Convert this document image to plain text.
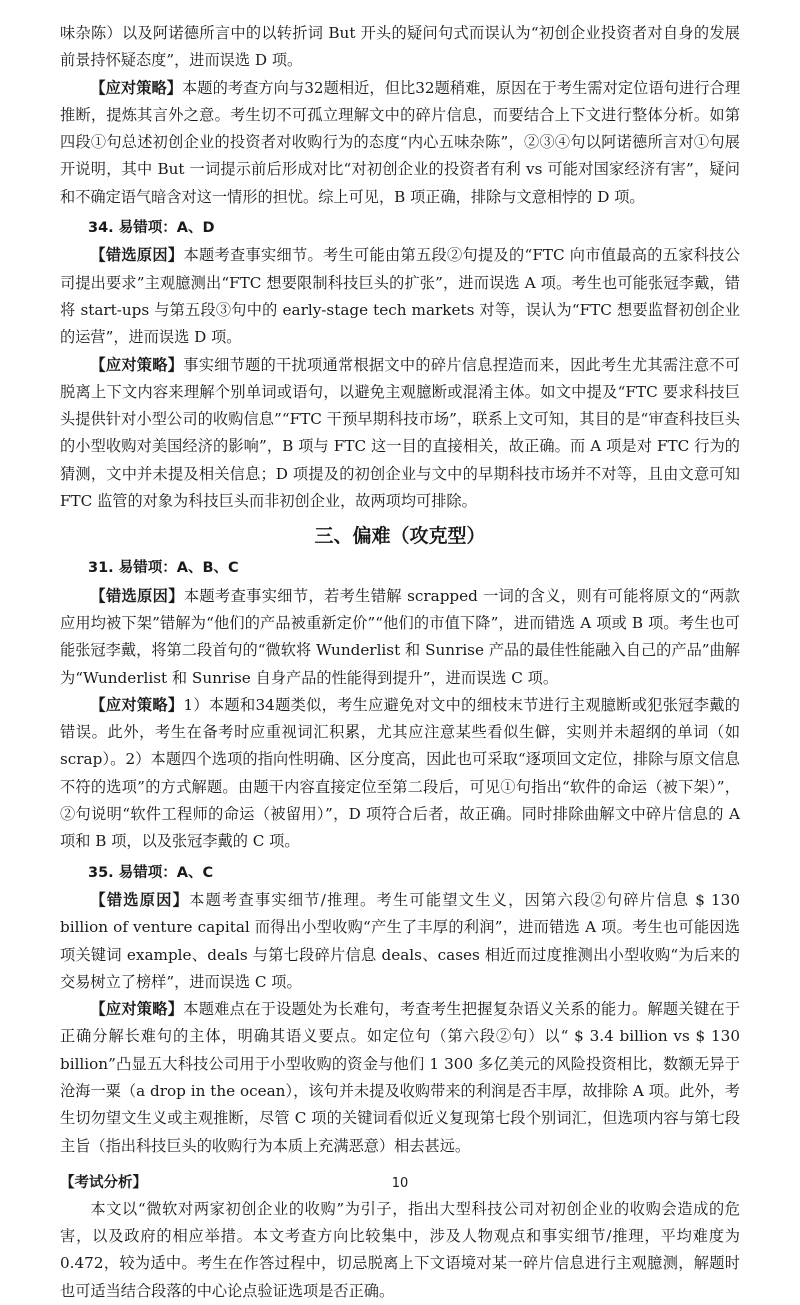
味杂陈）以及阿诺德所言中的以转折词 But 开头的疑问句式而误认为“初创企业投资者对自身的发展前景持怀疑态度”，进而误选 D 项。

【应对策略】本题的考查方向与32题相近，但比32题稍难，原因在于考生需对定位语句进行合理推断，提炼其言外之意。考生切不可孤立理解文中的碎片信息，而要结合上下文进行整体分析。如第四段①句总述初创企业的投资者对收购行为的态度“内心五味杂陈”，②③④句以阿诺德所言对①句展开说明，其中 But 一词提示前后形成对比“对初创企业的投资者有利 vs 可能对国家经济有害”，疑问和不确定语气暗含对这一情形的担忧。综上可见，B 项正确，排除与文意相悖的 D 项。

34. 易错项：A、D

【错选原因】本题考查事实细节。考生可能由第五段②句提及的“FTC 向市值最高的五家科技公司提出要求”主观臆测出“FTC 想要限制科技巨头的扩张”，进而误选 A 项。考生也可能张冠李戴，错将 start-ups 与第五段③句中的 early-stage tech markets 对等，误认为“FTC 想要监督初创企业的运营”，进而误选 D 项。

【应对策略】事实细节题的干扰项通常根据文中的碎片信息捏造而来，因此考生尤其需注意不可脱离上下文内容来理解个别单词或语句，以避免主观臆断或混淆主体。如文中提及“FTC 要求科技巨头提供针对小型公司的收购信息”“FTC 干预早期科技市场”，联系上文可知，其目的是“审查科技巨头的小型收购对美国经济的影响”，B 项与 FTC 这一目的直接相关，故正确。而 A 项是对 FTC 行为的猜测，文中并未提及相关信息；D 项提及的初创企业与文中的早期科技市场并不对等，且由文意可知 FTC 监管的对象为科技巨头而非初创企业，故两项均可排除。

三、偏难（攻克型）

31. 易错项：A、B、C

【错选原因】本题考查事实细节，若考生错解 scrapped 一词的含义，则有可能将原文的“两款应用均被下架”错解为“他们的产品被重新定价”“他们的市值下降”，进而错选 A 项或 B 项。考生也可能张冠李戴，将第二段首句的“微软将 Wunderlist 和 Sunrise 产品的最佳性能融入自己的产品”曲解为“Wunderlist 和 Sunrise 自身产品的性能得到提升”，进而误选 C 项。

【应对策略】1）本题和34题类似，考生应避免对文中的细枝末节进行主观臆断或犯张冠李戴的错误。此外，考生在备考时应重视词汇积累，尤其应注意某些看似生僻，实则并未超纲的单词（如 scrap）。2）本题四个选项的指向性明确、区分度高，因此也可采取“逐项回文定位，排除与原文信息不符的选项”的方式解题。由题干内容直接定位至第二段后，可见①句指出“软件的命运（被下架）”，②句说明“软件工程师的命运（被留用）”，D 项符合后者，故正确。同时排除曲解文中碎片信息的 A 项和 B 项，以及张冠李戴的 C 项。

35. 易错项：A、C

【错选原因】本题考查事实细节/推理。考生可能望文生义，因第六段②句碎片信息 $ 130 billion of venture capital 而得出小型收购“产生了丰厚的利润”，进而错选 A 项。考生也可能因选项关键词 example、deals 与第七段碎片信息 deals、cases 相近而过度推测出小型收购“为后来的交易树立了榜样”，进而误选 C 项。

【应对策略】本题难点在于设题处为长难句，考查考生把握复杂语义关系的能力。解题关键在于正确分解长难句的主体，明确其语义要点。如定位句（第六段②句）以“ $ 3.4 billion vs $ 130 billion”凸显五大科技公司用于小型收购的资金与他们 1 300 多亿美元的风险投资相比，数额无异于沧海一粟（a drop in the ocean），该句并未提及收购带来的利润是否丰厚，故排除 A 项。此外，考生切勿望文生义或主观推断，尽管 C 项的关键词看似近义复现第七段个别词汇，但选项内容与第七段主旨（指出科技巨头的收购行为本质上充满恶意）相去甚远。

【考试分析】

本文以“微软对两家初创企业的收购”为引子，指出大型科技公司对初创企业的收购会造成的危害，以及政府的相应举措。本文考查方向比较集中，涉及人物观点和事实细节/推理，平均难度为 0.472，较为适中。考生在作答过程中，切忌脱离上下文语境对某一碎片信息进行主观臆测，解题时也可适当结合段落的中心论点验证选项是否正确。

10
